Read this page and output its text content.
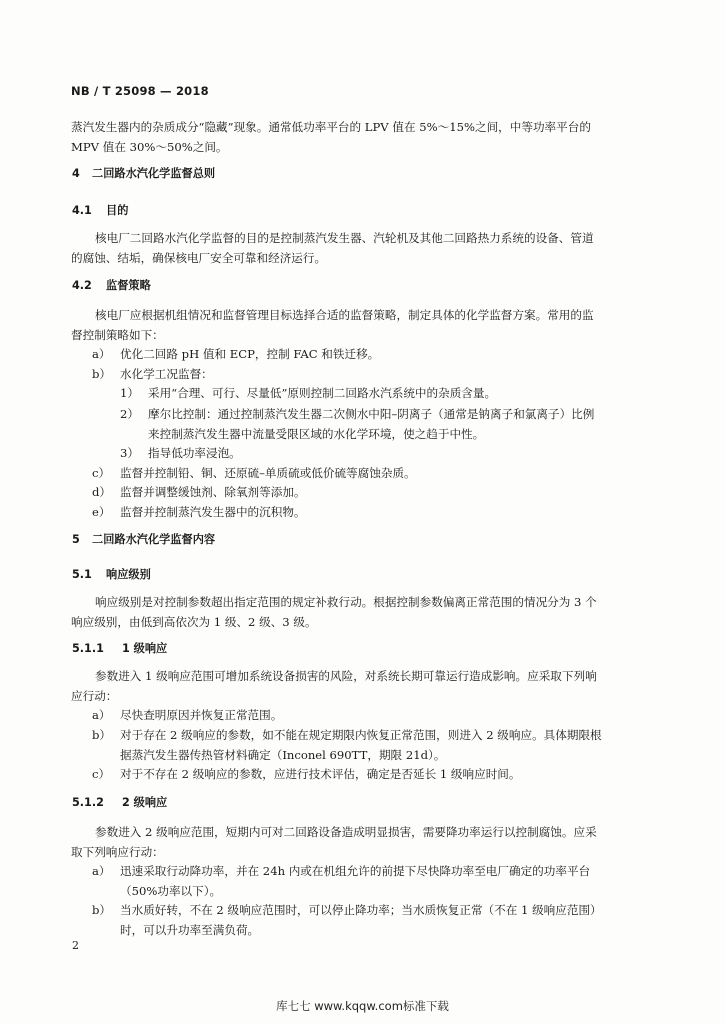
NB / T 25098 — 2018
蒸汽发生器内的杂质成分“隐藏”现象。通常低功率平台的 LPV 值在 5%～15%之间，中等功率平台的
MPV 值在 30%～50%之间。
4 二回路水汽化学监督总则
4.1 目的
核电厂二回路水汽化学监督的目的是控制蒸汽发生器、汽轮机及其他二回路热力系统的设备、管道
的腐蚀、结垢，确保核电厂安全可靠和经济运行。
4.2 监督策略
核电厂应根据机组情况和监督管理目标选择合适的监督策略，制定具体的化学监督方案。常用的监
督控制策略如下：
a） 优化二回路 pH 值和 ECP，控制 FAC 和铁迁移。
b） 水化学工况监督：
1） 采用“合理、可行、尽量低”原则控制二回路水汽系统中的杂质含量。
2） 摩尔比控制：通过控制蒸汽发生器二次侧水中阳–阴离子（通常是钠离子和氯离子）比例
来控制蒸汽发生器中流量受限区域的水化学环境，使之趋于中性。
3） 指导低功率浸泡。
c） 监督并控制铅、铜、还原硫–单质硫或低价硫等腐蚀杂质。
d） 监督并调整缓蚀剂、除氧剂等添加。
e） 监督并控制蒸汽发生器中的沉积物。
5 二回路水汽化学监督内容
5.1 响应级别
响应级别是对控制参数超出指定范围的规定补救行动。根据控制参数偏离正常范围的情况分为 3 个
响应级别，由低到高依次为 1 级、2 级、3 级。
5.1.1 1 级响应
参数进入 1 级响应范围可增加系统设备损害的风险，对系统长期可靠运行造成影响。应采取下列响
应行动：
a） 尽快查明原因并恢复正常范围。
b） 对于存在 2 级响应的参数，如不能在规定期限内恢复正常范围，则进入 2 级响应。具体期限根
据蒸汽发生器传热管材料确定（Inconel 690TT，期限 21d）。
c） 对于不存在 2 级响应的参数，应进行技术评估，确定是否延长 1 级响应时间。
5.1.2 2 级响应
参数进入 2 级响应范围，短期内可对二回路设备造成明显损害，需要降功率运行以控制腐蚀。应采
取下列响应行动：
a） 迅速采取行动降功率，并在 24h 内或在机组允许的前提下尽快降功率至电厂确定的功率平台
（50%功率以下）。
b） 当水质好转，不在 2 级响应范围时，可以停止降功率；当水质恢复正常（不在 1 级响应范围）
时，可以升功率至满负荷。
2
库七七 www.kqqw.com标准下载
